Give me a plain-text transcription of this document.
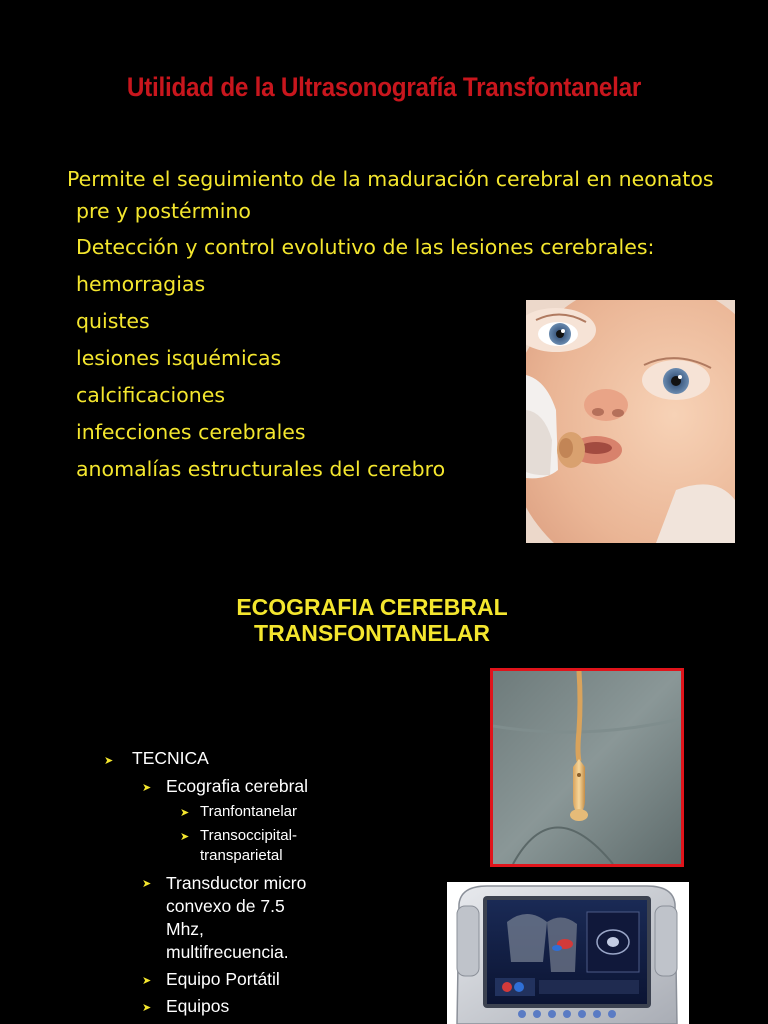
Utilidad de la Ultrasonografía Transfontanelar
Permite el seguimiento de la maduración cerebral en neonatos
pre y postérmino
Detección y control evolutivo de las lesiones cerebrales:
hemorragias
quistes
lesiones isquémicas
calcificaciones
infecciones cerebrales
anomalías estructurales del cerebro
ECOGRAFIA CEREBRAL
TRANSFONTANELAR
➤ TECNICA
➤ Ecografia cerebral
➤ Tranfontanelar
➤ Transoccipital-
transparietal
➤ Transductor micro
convexo de 7.5
Mhz,
multifrecuencia.
➤ Equipo Portátil
➤ Equipos
